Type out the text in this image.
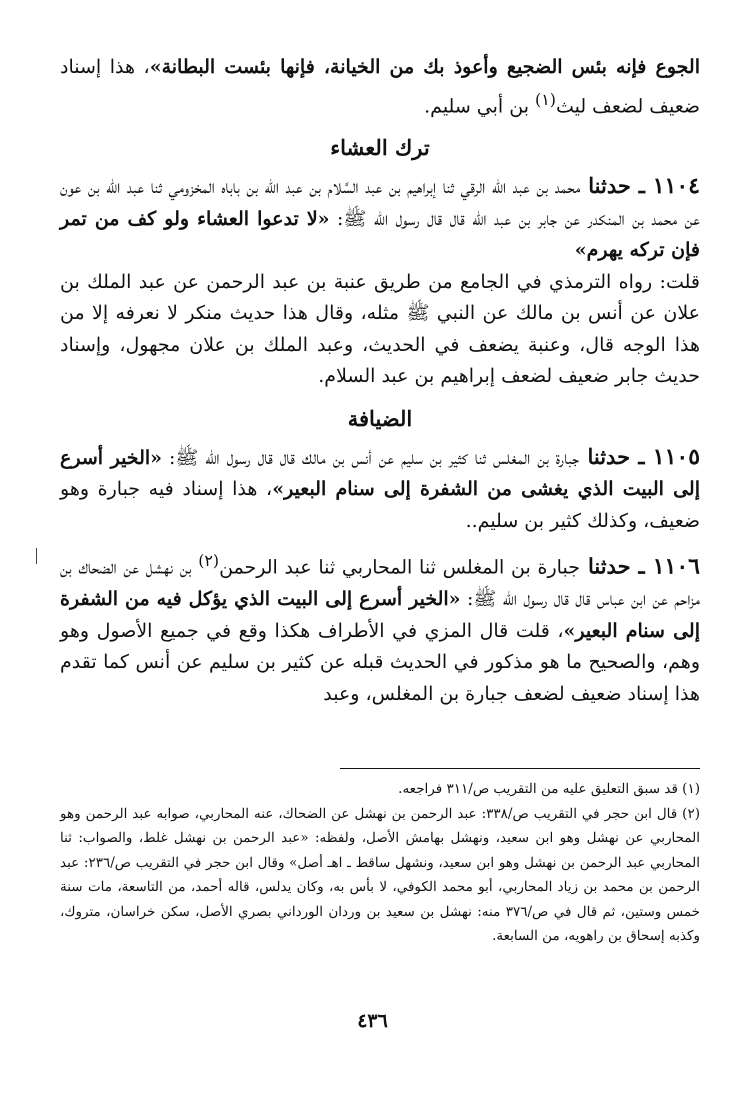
الجوع فإنه بئس الضجيع وأعوذ بك من الخيانة، فإنها بئست البطانة»، هذا إسناد ضعيف لضعف ليث$^{(١)}$ بن أبي سليم.

ترك العشاء

١١٠٤ ـ حدثنا محمد بن عبد الله الرقي ثنا إبراهيم بن عبد السَّلام بن عبد الله بن باباه المخزومي ثنا عبد الله بن عون عن محمد بن المنكدر عن جابر بن عبد الله قال قال رسول الله ﷺ: «لا تدعوا العشاء ولو كف من تمر فإن تركه يهرم»

قلت: رواه الترمذي في الجامع من طريق عنبة بن عبد الرحمن عن عبد الملك بن علان عن أنس بن مالك عن النبي ﷺ مثله، وقال هذا حديث منكر لا نعرفه إلا من هذا الوجه قال، وعنبة يضعف في الحديث، وعبد الملك بن علان مجهول، وإسناد حديث جابر ضعيف لضعف إبراهيم بن عبد السلام.

الضيافة

١١٠٥ ـ حدثنا جبارة بن المغلس ثنا كثير بن سليم عن أنس بن مالك قال قال رسول الله ﷺ: «الخير أسرع إلى البيت الذي يغشى من الشفرة إلى سنام البعير»، هذا إسناد فيه جبارة وهو ضعيف، وكذلك كثير بن سليم..

١١٠٦ ـ حدثنا جبارة بن المغلس ثنا المحاربي ثنا عبد الرحمن$^{(٢)}$ بن نهشل عن الضحاك بن مزاحم عن ابن عباس قال قال رسول الله ﷺ: «الخير أسرع إلى البيت الذي يؤكل فيه من الشفرة إلى سنام البعير»، قلت قال المزي في الأطراف هكذا وقع في جميع الأصول وهو وهم، والصحيح ما هو مذكور في الحديث قبله عن كثير بن سليم عن أنس كما تقدم هذا إسناد ضعيف لضعف جبارة بن المغلس، وعبد

(١) قد سبق التعليق عليه من التقريب ص/٣١١ فراجعه.

(٢) قال ابن حجر في التقريب ص/٣٣٨: عبد الرحمن بن نهشل عن الضحاك، عنه المحاربي، صوابه عبد الرحمن وهو المحاربي عن نهشل وهو ابن سعيد، ونهشل بهامش الأصل، ولفظه: «عبد الرحمن بن نهشل غلط، والصواب: ثنا المحاربي عبد الرحمن بن نهشل وهو ابن سعيد، ونشهل ساقط ـ اهـ أصل» وقال ابن حجر في التقريب ص/٢٣٦: عبد الرحمن بن محمد بن زياد المحاربي، أبو محمد الكوفي، لا بأس به، وكان يدلس، قاله أحمد، من التاسعة، مات سنة خمس وستين، ثم قال في ص/٣٧٦ منه: نهشل بن سعيد بن وردان الورداني بصري الأصل، سكن خراسان، متروك، وكذبه إسحاق بن راهويه، من السابعة.

٤٣٦
